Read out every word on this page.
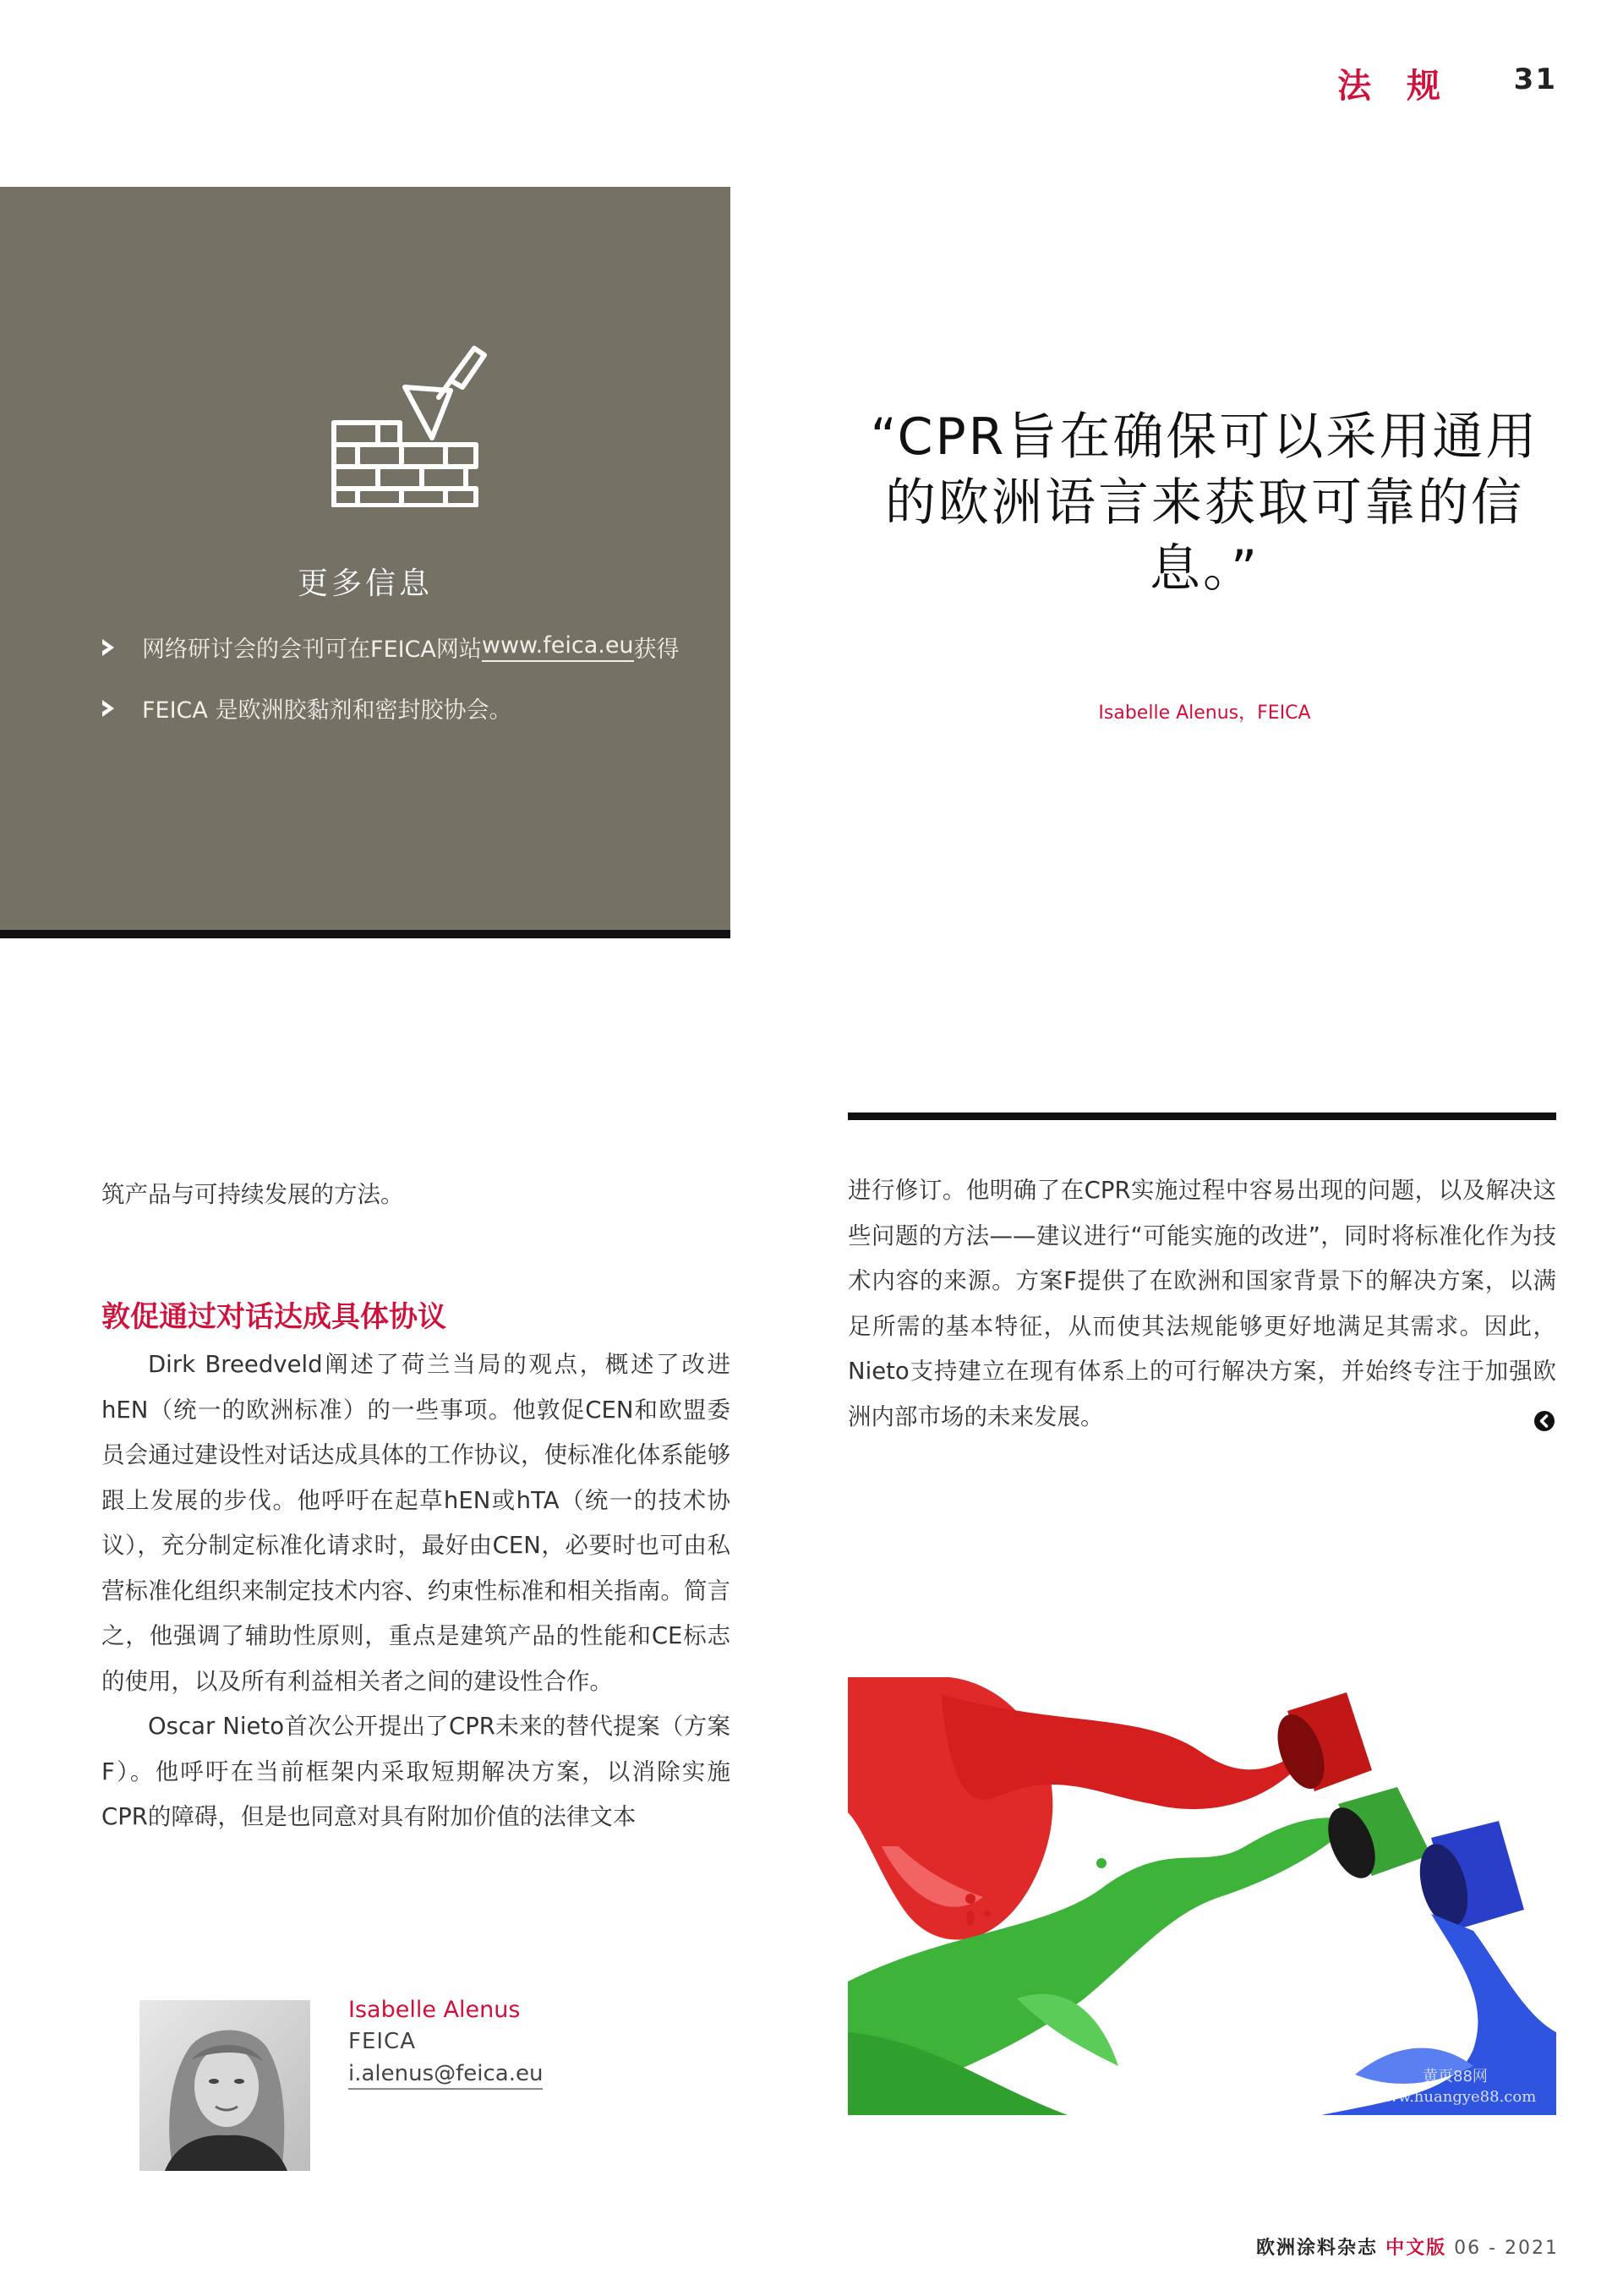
法 规 31
更多信息
网络研讨会的会刊可在FEICA网站 www.feica.eu 获得
FEICA 是欧洲胶黏剂和密封胶协会。
“CPR旨在确保可以采用通用的欧洲语言来获取可靠的信息。”
Isabelle Alenus，FEICA
进行修订。他明确了在CPR实施过程中容易出现的问题，以及解决这些问题的方法——建议进行“可能实施的改进”，同时将标准化作为技术内容的来源。方案F提供了在欧洲和国家背景下的解决方案，以满足所需的基本特征，从而使其法规能够更好地满足其需求。因此，Nieto支持建立在现有体系上的可行解决方案，并始终专注于加强欧洲内部市场的未来发展。
筑产品与可持续发展的方法。
敦促通过对话达成具体协议

Dirk Breedveld阐述了荷兰当局的观点，概述了改进hEN（统一的欧洲标准）的一些事项。他敦促CEN和欧盟委员会通过建设性对话达成具体的工作协议，使标准化体系能够跟上发展的步伐。他呼吁在起草hEN或hTA（统一的技术协议），充分制定标准化请求时，最好由CEN，必要时也可由私营标准化组织来制定技术内容、约束性标准和相关指南。简言之，他强调了辅助性原则，重点是建筑产品的性能和CE标志的使用，以及所有利益相关者之间的建设性合作。

Oscar Nieto首次公开提出了CPR未来的替代提案（方案F）。他呼吁在当前框架内采取短期解决方案，以消除实施CPR的障碍，但是也同意对具有附加价值的法律文本

Isabelle Alenus
FEICA
i.alenus@feica.eu	黄页88网
www.huangye88.com
欧洲涂料杂志 中文版 06 - 2021
